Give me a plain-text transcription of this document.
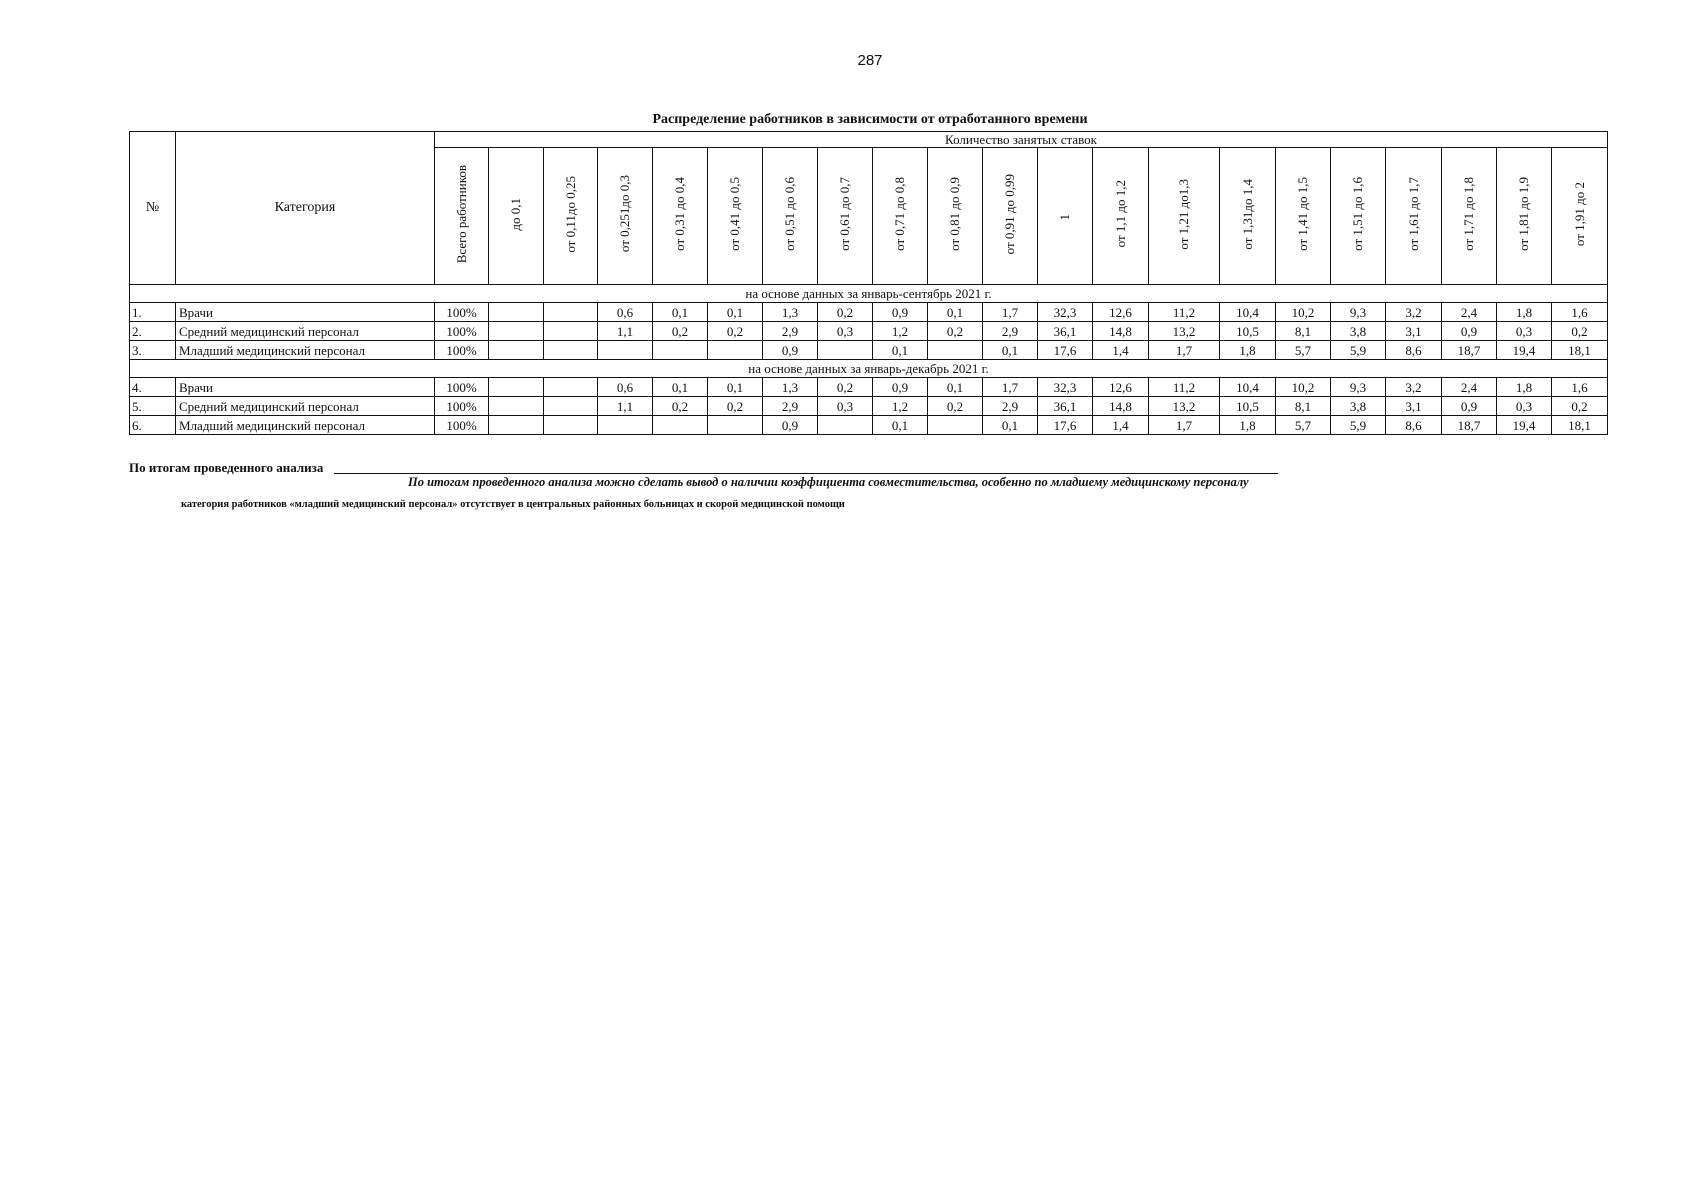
287
Распределение работников в зависимости от отработанного времени
№	Категория	Количество занятых ставок																				
		Всего работников	до 0,1	от 0,11до 0,25	от 0,251до 0,3	от 0,31 до 0,4	от 0,41 до 0,5	от 0,51 до 0,6	от 0,61 до 0,7	от 0,71 до 0,8	от 0,81 до 0,9	от 0,91 до 0,99	1	от 1,1 до 1,2	от 1,21 до1,3	от 1,31до 1,4	от 1,41 до 1,5	от 1,51 до 1,6	от 1,61 до 1,7	от 1,71 до 1,8	от 1,81 до 1,9	от 1,91 до 2
на основе данных за январь-сентябрь 2021 г.																						
1.	Врачи	100%			0,6	0,1	0,1	1,3	0,2	0,9	0,1	1,7	32,3	12,6	11,2	10,4	10,2	9,3	3,2	2,4	1,8	1,6
2.	Средний медицинский персонал	100%			1,1	0,2	0,2	2,9	0,3	1,2	0,2	2,9	36,1	14,8	13,2	10,5	8,1	3,8	3,1	0,9	0,3	0,2
3.	Младший медицинский персонал	100%						0,9		0,1		0,1	17,6	1,4	1,7	1,8	5,7	5,9	8,6	18,7	19,4	18,1
на основе данных за январь-декабрь 2021 г.																						
4.	Врачи	100%			0,6	0,1	0,1	1,3	0,2	0,9	0,1	1,7	32,3	12,6	11,2	10,4	10,2	9,3	3,2	2,4	1,8	1,6
5.	Средний медицинский персонал	100%			1,1	0,2	0,2	2,9	0,3	1,2	0,2	2,9	36,1	14,8	13,2	10,5	8,1	3,8	3,1	0,9	0,3	0,2
6.	Младший медицинский персонал	100%						0,9		0,1		0,1	17,6	1,4	1,7	1,8	5,7	5,9	8,6	18,7	19,4	18,1
По итогам проведенного анализа
По итогам проведенного анализа можно сделать вывод о наличии коэффициента совместительства, особенно по младшему медицинскому персоналу
категория работников «младший медицинский персонал» отсутствует в центральных районных больницах и скорой медицинской помощи
